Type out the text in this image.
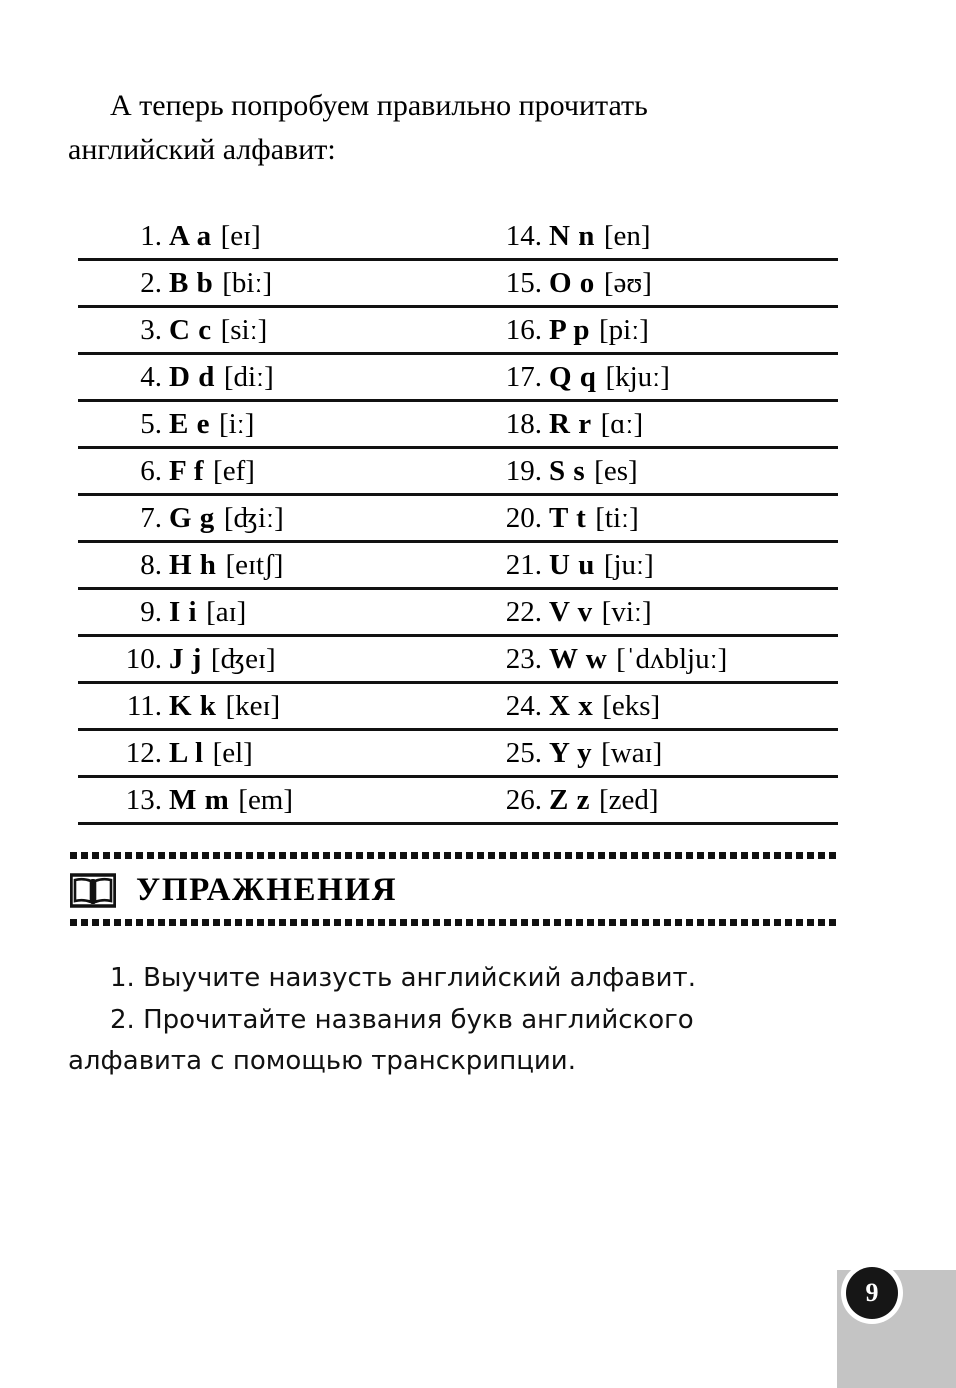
А теперь попробуем правильно прочитать
английский алфавит:
1. A a [eɪ]	14. N n [en]
2. B b [biː]	15. O o [əʊ]
3. C c [siː]	16. P p [piː]
4. D d [diː]	17. Q q [kjuː]
5. E e [iː]	18. R r [ɑː]
6. F f [ef]	19. S s [es]
7. G g [ʤiː]	20. T t [tiː]
8. H h [eɪtʃ]	21. U u [juː]
9. I i [aɪ]	22. V v [viː]
10. J j [ʤeɪ]	23. W w [ˈdʌbljuː]
11. K k [keɪ]	24. X x [eks]
12. L l [el]	25. Y y [waɪ]
13. M m [em]	26. Z z [zed]
УПРАЖНЕНИЯ

1. Выучите наизусть английский алфавит.

2. Прочитайте названия букв английского
алфавита с помощью транскрипции.

9
